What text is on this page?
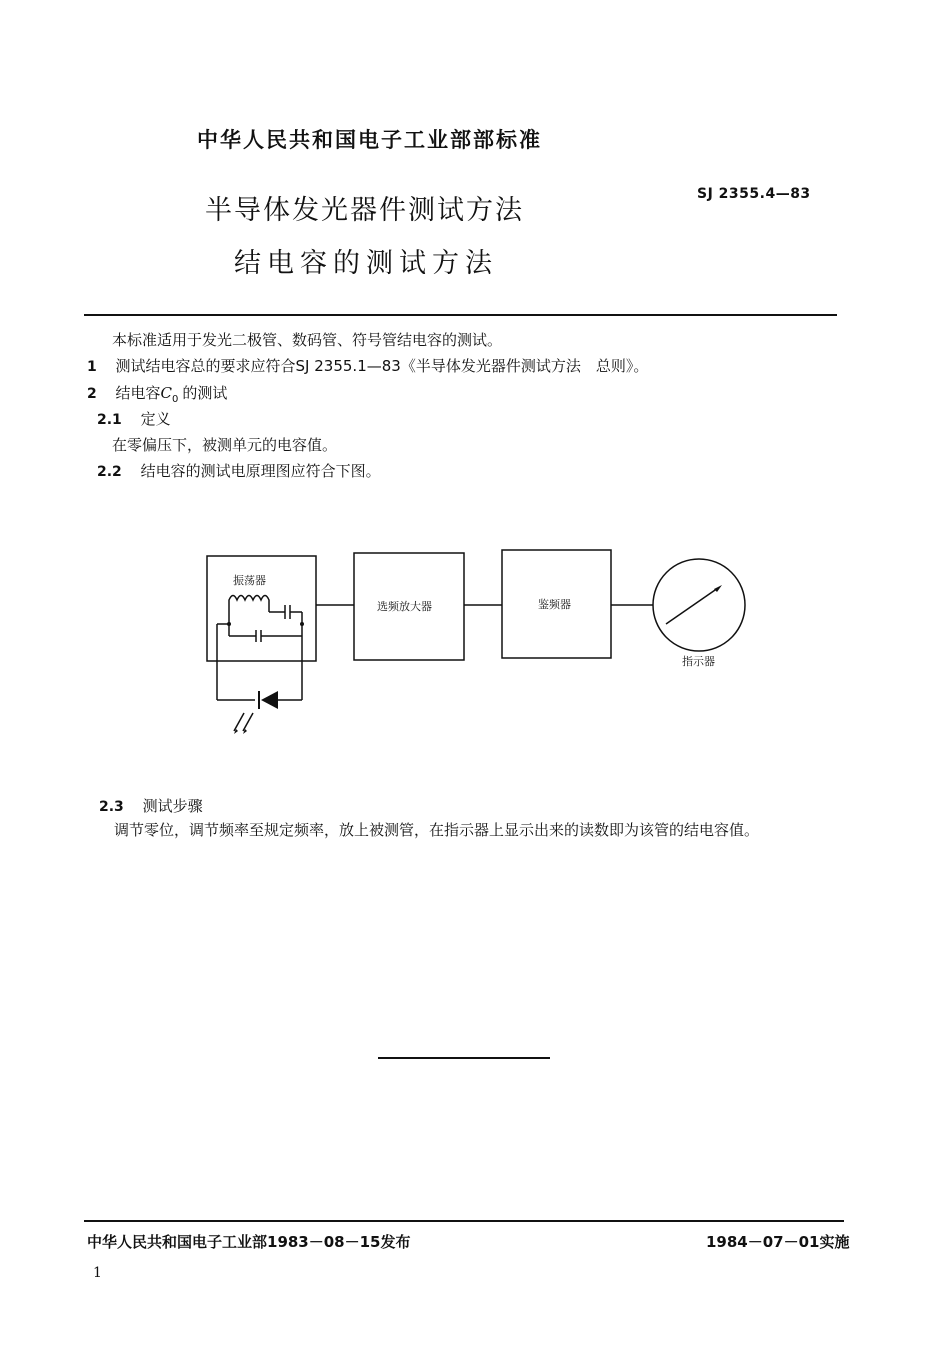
中华人民共和国电子工业部部标准
半导体发光器件测试方法
结电容的测试方法
SJ 2355.4—83
本标准适用于发光二极管、数码管、符号管结电容的测试。
1 测试结电容总的要求应符合SJ 2355.1—83《半导体发光器件测试方法　总则》。
2 结电容$C_0$ 的测试
2.1 定义
在零偏压下，被测单元的电容值。
2.2 结电容的测试电原理图应符合下图。
振荡器
选频放大器	鉴频器
指示器
2.3 测试步骤
调节零位，调节频率至规定频率，放上被测管，在指示器上显示出来的读数即为该管的结电容值。
中华人民共和国电子工业部1983－08－15发布	1984－07－01实施
1
